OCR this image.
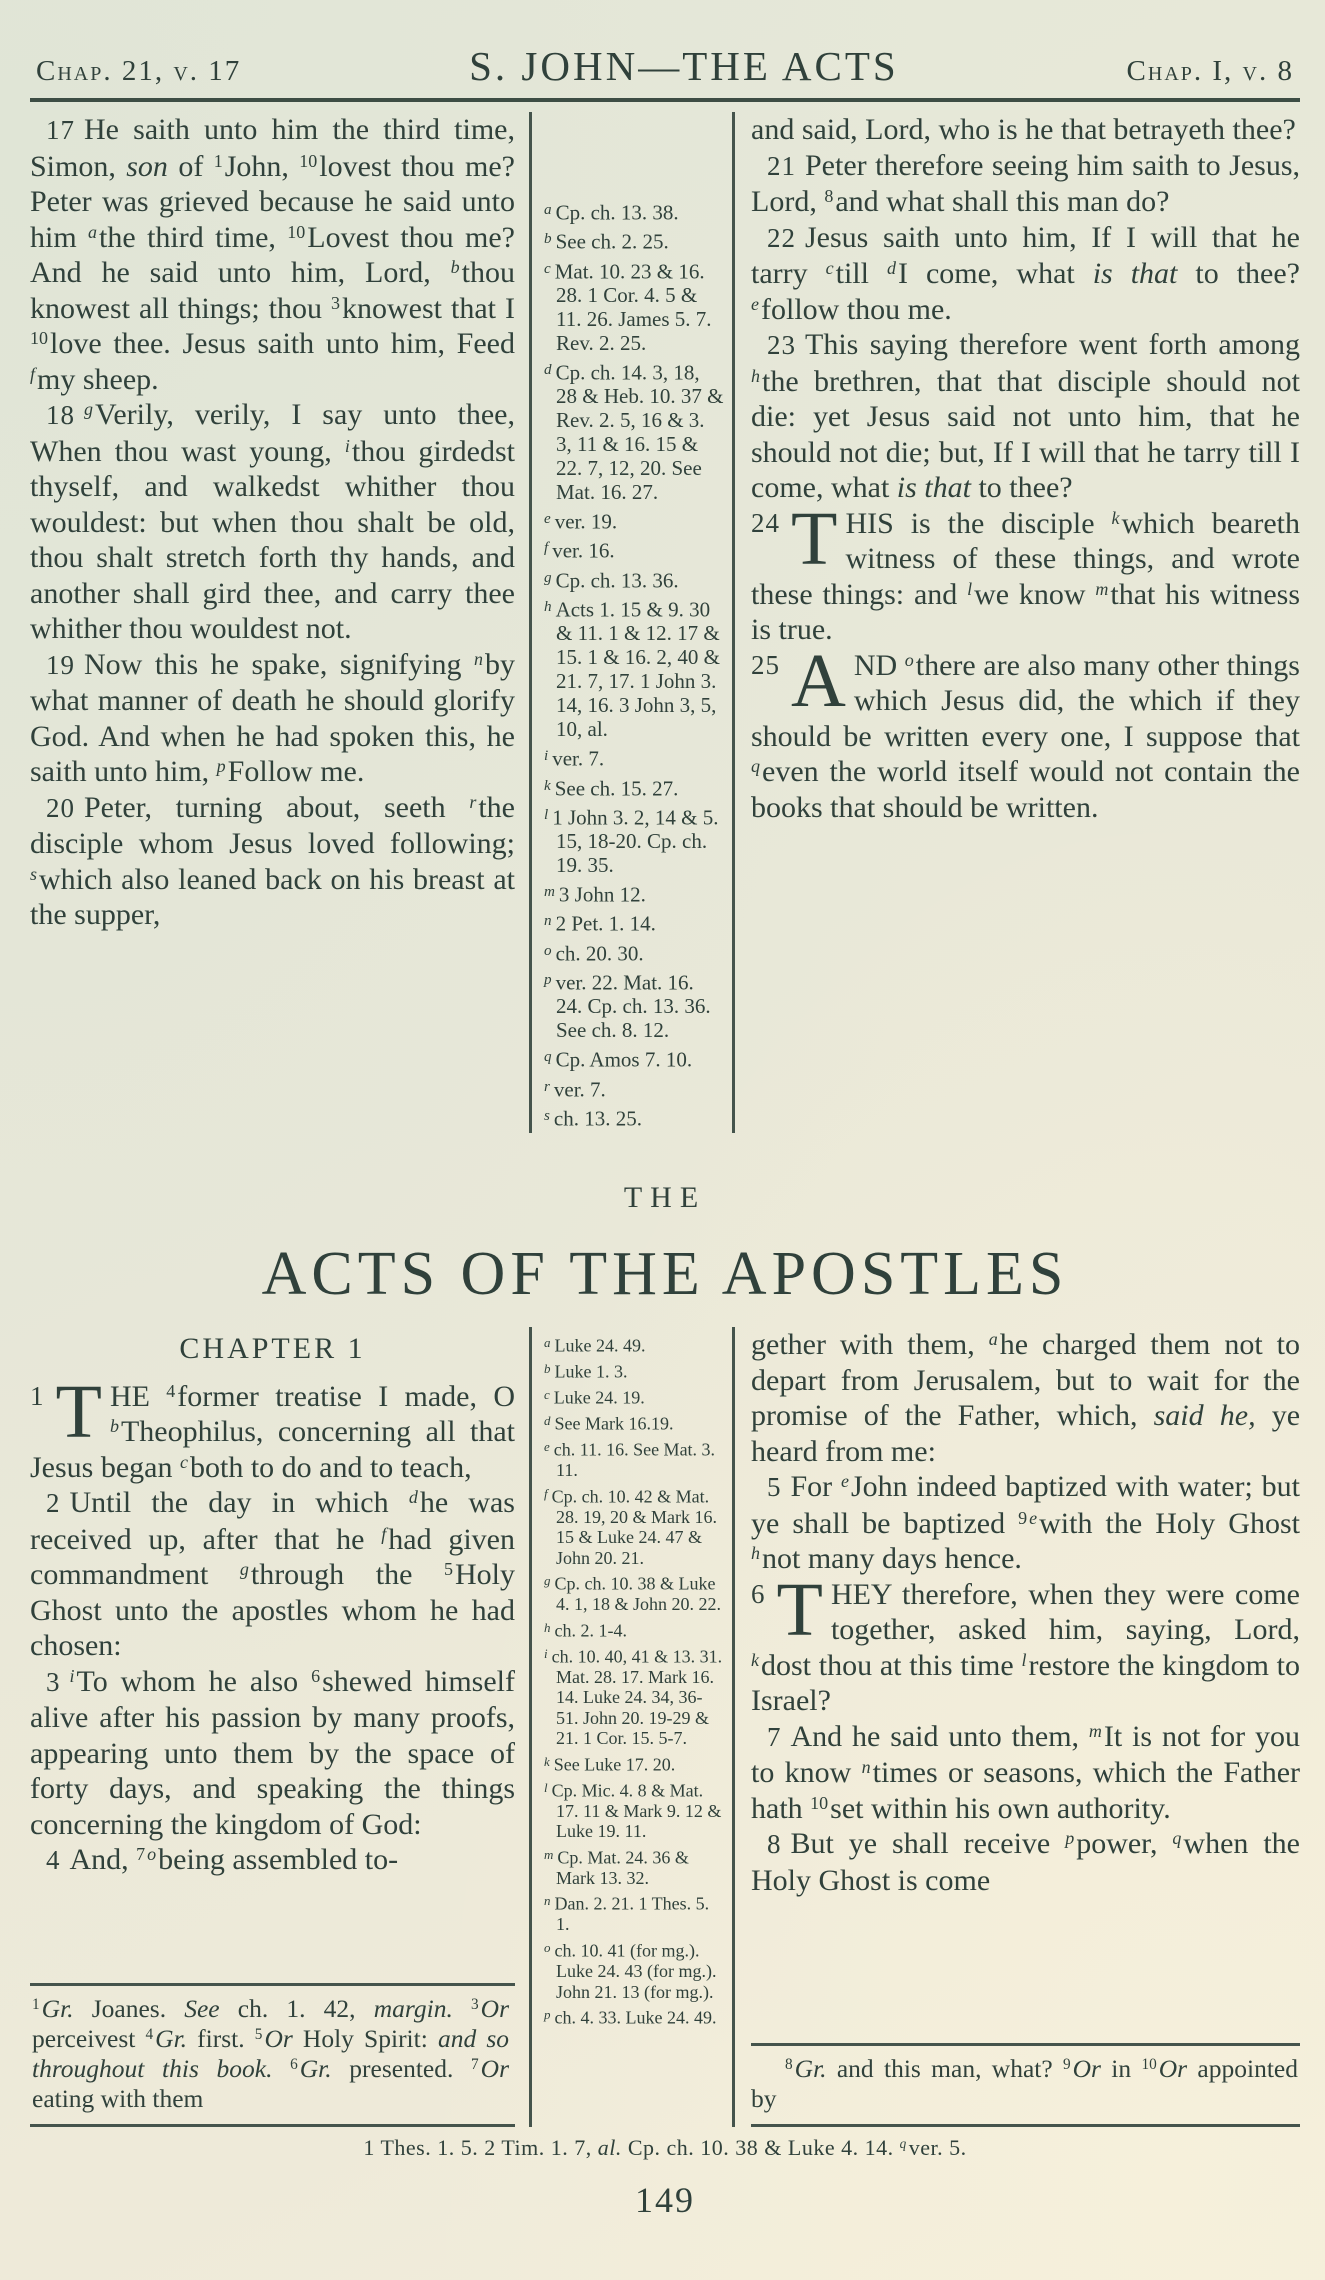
Chap. 21, v. 17	S. JOHN—THE ACTS	Chap. I, v. 8

17 He saith unto him the third time, Simon, son of $^1$John, $^{10}$lovest thou me? Peter was grieved because he said unto him $^a$the third time, $^{10}$Lovest thou me? And he said unto him, Lord, $^b$thou knowest all things; thou $^3$knowest that I $^{10}$love thee. Jesus saith unto him, Feed $^f$my sheep.

18 $^g$Verily, verily, I say unto thee, When thou wast young, $^i$thou girdedst thyself, and walkedst whither thou wouldest: but when thou shalt be old, thou shalt stretch forth thy hands, and another shall gird thee, and carry thee whither thou wouldest not.

19 Now this he spake, signifying $^n$by what manner of death he should glorify God. And when he had spoken this, he saith unto him, $^p$Follow me.

20 Peter, turning about, seeth $^r$the disciple whom Jesus loved following; $^s$which also leaned back on his breast at the supper,

$^a$ Cp. ch. 13. 38.
$^b$ See ch. 2. 25.
$^c$ Mat. 10. 23 & 16. 28. 1 Cor. 4. 5 & 11. 26. James 5. 7. Rev. 2. 25.
$^d$ Cp. ch. 14. 3, 18, 28 & Heb. 10. 37 & Rev. 2. 5, 16 & 3. 3, 11 & 16. 15 & 22. 7, 12, 20. See Mat. 16. 27.
$^e$ ver. 19.
$^f$ ver. 16.
$^g$ Cp. ch. 13. 36.
$^h$ Acts 1. 15 & 9. 30 & 11. 1 & 12. 17 & 15. 1 & 16. 2, 40 & 21. 7, 17. 1 John 3. 14, 16. 3 John 3, 5, 10, al.
$^i$ ver. 7.
$^k$ See ch. 15. 27.
$^l$ 1 John 3. 2, 14 & 5. 15, 18-20. Cp. ch. 19. 35.
$^m$ 3 John 12.
$^n$ 2 Pet. 1. 14.
$^o$ ch. 20. 30.
$^p$ ver. 22. Mat. 16. 24. Cp. ch. 13. 36. See ch. 8. 12.
$^q$ Cp. Amos 7. 10.
$^r$ ver. 7.
$^s$ ch. 13. 25.

and said, Lord, who is he that betrayeth thee?

21 Peter therefore seeing him saith to Jesus, Lord, $^8$and what shall this man do?

22 Jesus saith unto him, If I will that he tarry $^c$till $^d$I come, what is that to thee? $^e$follow thou me.

23 This saying therefore went forth among $^h$the brethren, that that disciple should not die: yet Jesus said not unto him, that he should not die; but, If I will that he tarry till I come, what is that to thee?

24 T HIS is the disciple $^k$which beareth witness of these things, and wrote these things: and $^l$we know $^m$that his witness is true.

25 A ND $^o$there are also many other things which Jesus did, the which if they should be written every one, I suppose that $^q$even the world itself would not contain the books that should be written.

THE
ACTS OF THE APOSTLES
CHAPTER 1

1 T HE $^4$former treatise I made, O $^b$Theophilus, concerning all that Jesus began $^c$both to do and to teach,

2 Until the day in which $^d$he was received up, after that he $^f$had given commandment $^g$through the $^5$Holy Ghost unto the apostles whom he had chosen:

3 $^i$To whom he also $^6$shewed himself alive after his passion by many proofs, appearing unto them by the space of forty days, and speaking the things concerning the kingdom of God:

4 And, $^7$ $^o$being assembled to-

$^1$Gr. Joanes. See ch. 1. 42, margin. $^3$Or perceivest $^4$Gr. first. $^5$Or Holy Spirit: and so throughout this book. $^6$Gr. presented. $^7$Or eating with them
$^a$ Luke 24. 49.
$^b$ Luke 1. 3.
$^c$ Luke 24. 19.
$^d$ See Mark 16.19.
$^e$ ch. 11. 16. See Mat. 3. 11.
$^f$ Cp. ch. 10. 42 & Mat. 28. 19, 20 & Mark 16. 15 & Luke 24. 47 & John 20. 21.
$^g$ Cp. ch. 10. 38 & Luke 4. 1, 18 & John 20. 22.
$^h$ ch. 2. 1-4.
$^i$ ch. 10. 40, 41 & 13. 31. Mat. 28. 17. Mark 16. 14. Luke 24. 34, 36-51. John 20. 19-29 & 21. 1 Cor. 15. 5-7.
$^k$ See Luke 17. 20.
$^l$ Cp. Mic. 4. 8 & Mat. 17. 11 & Mark 9. 12 & Luke 19. 11.
$^m$ Cp. Mat. 24. 36 & Mark 13. 32.
$^n$ Dan. 2. 21. 1 Thes. 5. 1.
$^o$ ch. 10. 41 (for mg.). Luke 24. 43 (for mg.). John 21. 13 (for mg.).
$^p$ ch. 4. 33. Luke 24. 49.

gether with them, $^a$he charged them not to depart from Jerusalem, but to wait for the promise of the Father, which, said he, ye heard from me:

5 For $^e$John indeed baptized with water; but ye shall be baptized $^9$ $^e$with the Holy Ghost $^h$not many days hence.

6 T HEY therefore, when they were come together, asked him, saying, Lord, $^k$dost thou at this time $^l$restore the kingdom to Israel?

7 And he said unto them, $^m$It is not for you to know $^n$times or seasons, which the Father hath $^{10}$set within his own authority.

8 But ye shall receive $^p$power, $^q$when the Holy Ghost is come

$^8$Gr. and this man, what? $^9$Or in $^{10}$Or appointed by
1 Thes. 1. 5. 2 Tim. 1. 7, al. Cp. ch. 10. 38 & Luke 4. 14. $^q$ver. 5.
149
